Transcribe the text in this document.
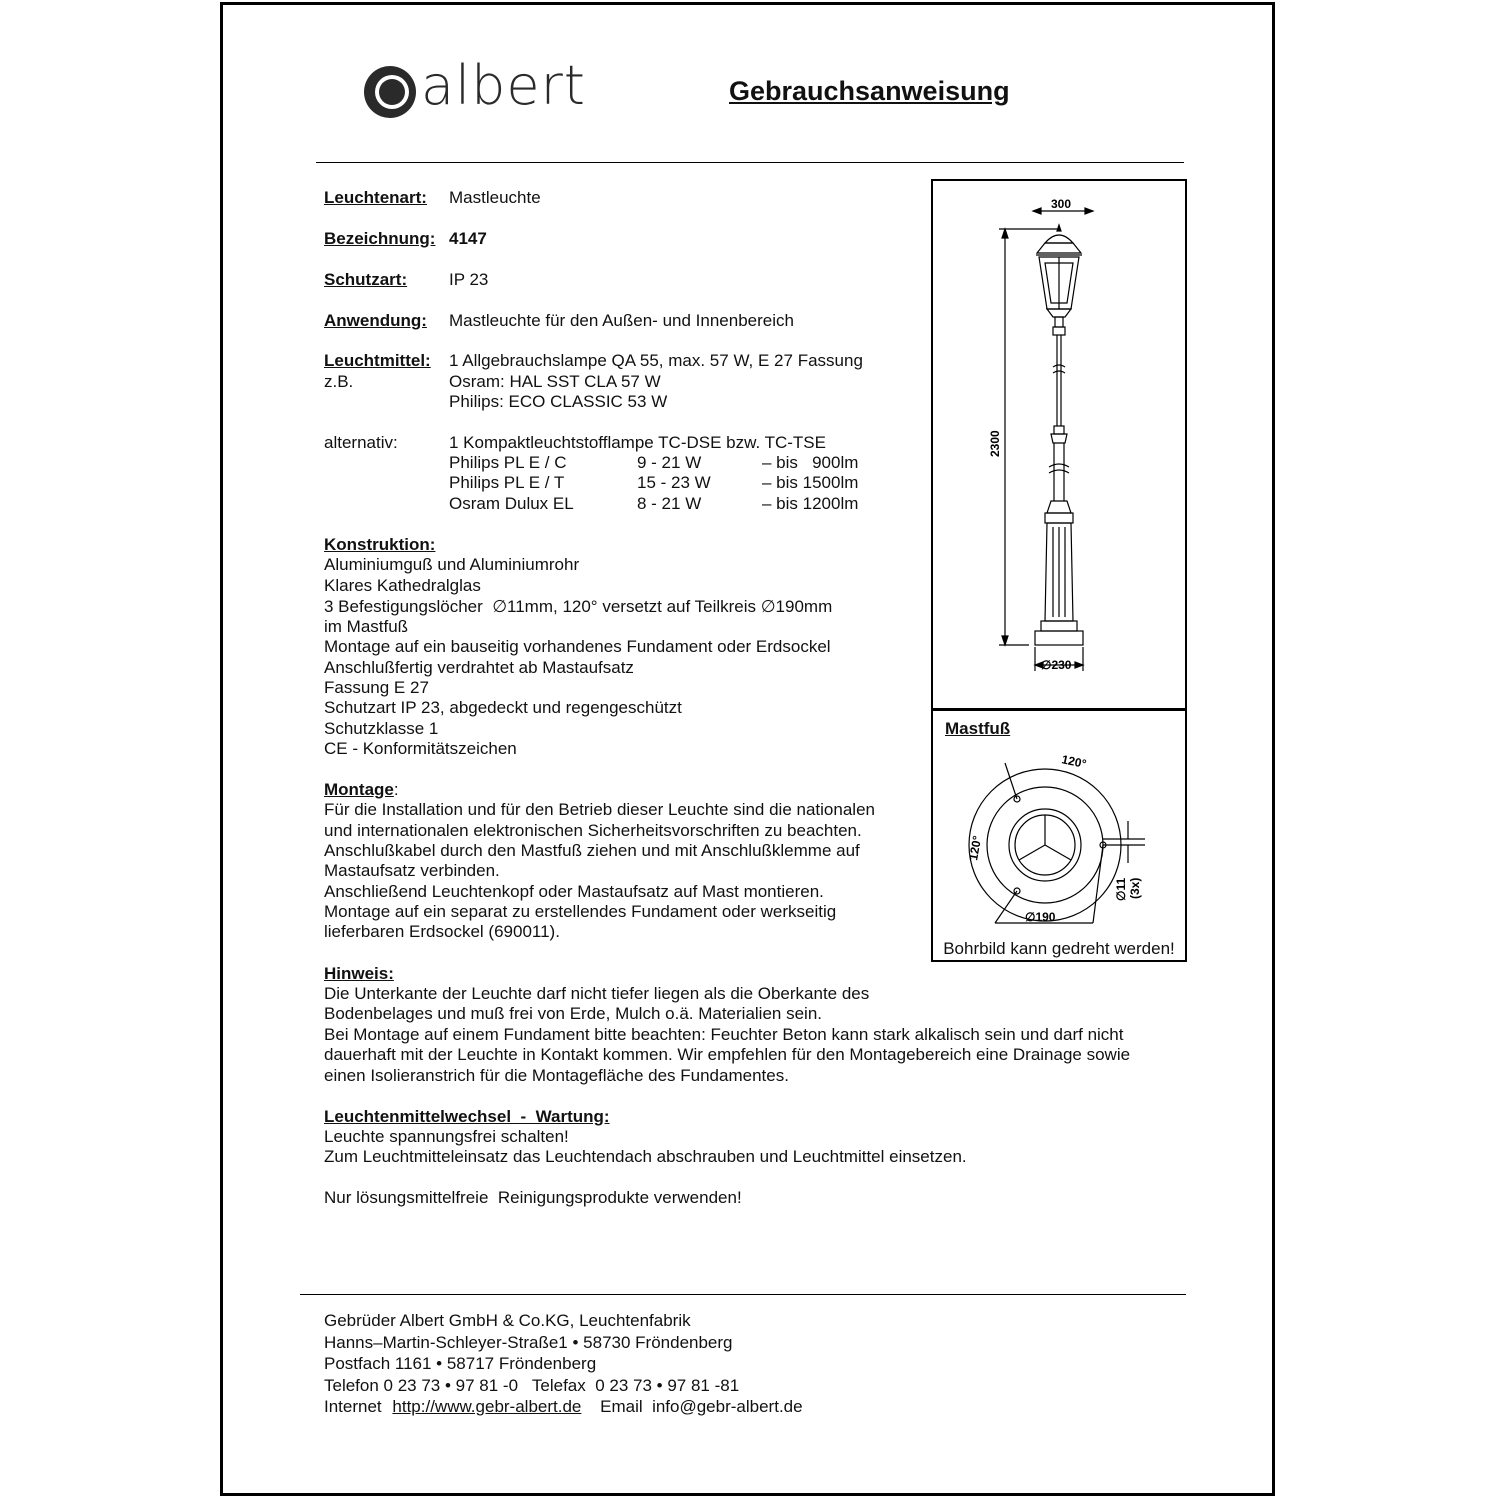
albert	Gebrauchsanweisung
Leuchtenart: Mastleuchte
Bezeichnung: 4147
Schutzart: IP 23
Anwendung: Mastleuchte für den Außen- und Innenbereich
Leuchtmittel: 1 Allgebrauchslampe QA 55, max. 57 W, E 27 Fassung
z.B.	Osram: HAL SST CLA 57 W
Philips: ECO CLASSIC 53 W
alternativ:	1 Kompaktleuchtstofflampe TC-DSE bzw. TC-TSE
Philips PL E / C	9 - 21 W	– bis   900lm
Philips PL E / T	15 - 23 W	– bis 1500lm
Osram Dulux EL	8 - 21 W	– bis 1200lm
Konstruktion:
Aluminiumguß und Aluminiumrohr
Klares Kathedralglas
3 Befestigungslöcher  ∅11mm, 120° versetzt auf Teilkreis ∅190mm
im Mastfuß
Montage auf ein bauseitig vorhandenes Fundament oder Erdsockel
Anschlußfertig verdrahtet ab Mastaufsatz
Fassung E 27
Schutzart IP 23, abgedeckt und regengeschützt
Schutzklasse 1
CE - Konformitätszeichen
Montage:
Für die Installation und für den Betrieb dieser Leuchte sind die nationalen
und internationalen elektronischen Sicherheitsvorschriften zu beachten.
Anschlußkabel durch den Mastfuß ziehen und mit Anschlußklemme auf
Mastaufsatz verbinden.
Anschließend Leuchtenkopf oder Mastaufsatz auf Mast montieren.
Montage auf ein separat zu erstellendes Fundament oder werkseitig
lieferbaren Erdsockel (690011).
Hinweis:
Die Unterkante der Leuchte darf nicht tiefer liegen als die Oberkante des
Bodenbelages und muß frei von Erde, Mulch o.ä. Materialien sein.
Bei Montage auf einem Fundament bitte beachten: Feuchter Beton kann stark alkalisch sein und darf nicht
dauerhaft mit der Leuchte in Kontakt kommen. Wir empfehlen für den Montagebereich eine Drainage sowie
einen Isolieranstrich für die Montagefläche des Fundamentes.
Leuchtenmittelwechsel  -  Wartung:
Leuchte spannungsfrei schalten!
Zum Leuchtmitteleinsatz das Leuchtendach abschrauben und Leuchtmittel einsetzen.
Nur lösungsmittelfreie  Reinigungsprodukte verwenden!
300
2300
∅230
Mastfuß
120°
120°
∅11 (3x)
∅190
Bohrbild kann gedreht werden!
Gebrüder Albert GmbH & Co.KG, Leuchtenfabrik
Hanns–Martin-Schleyer-Straße1 • 58730 Fröndenberg
Postfach 1161 • 58717 Fröndenberg
Telefon 0 23 73 • 97 81 -0   Telefax  0 23 73 • 97 81 -81
Internet http://www.gebr-albert.de Email  info@gebr-albert.de
